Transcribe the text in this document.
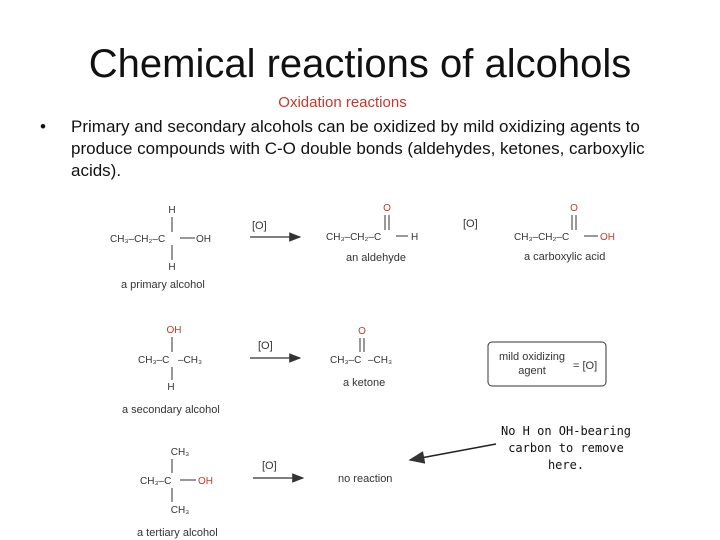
Chemical reactions of alcohols
Oxidation reactions
• Primary and secondary alcohols can be oxidized by mild oxidizing agents to produce compounds with C-O double bonds (aldehydes, ketones, carboxylic acids).
H
CH₃–CH₂–C	OH
H
a primary alcohol
[O]
O
CH₃–CH₂–C	H
an aldehyde
[O]
O
CH₃–CH₂–C	OH
a carboxylic acid
OH
CH₃–C –CH₃
H
a secondary alcohol
[O]
O
CH₃–C –CH₃
a ketone
mild oxidizing
agent = [O]
CH₃
CH₃–C	OH
CH₃
a tertiary alcohol
[O]
no reaction
No H on OH-bearing
carbon to remove here.
